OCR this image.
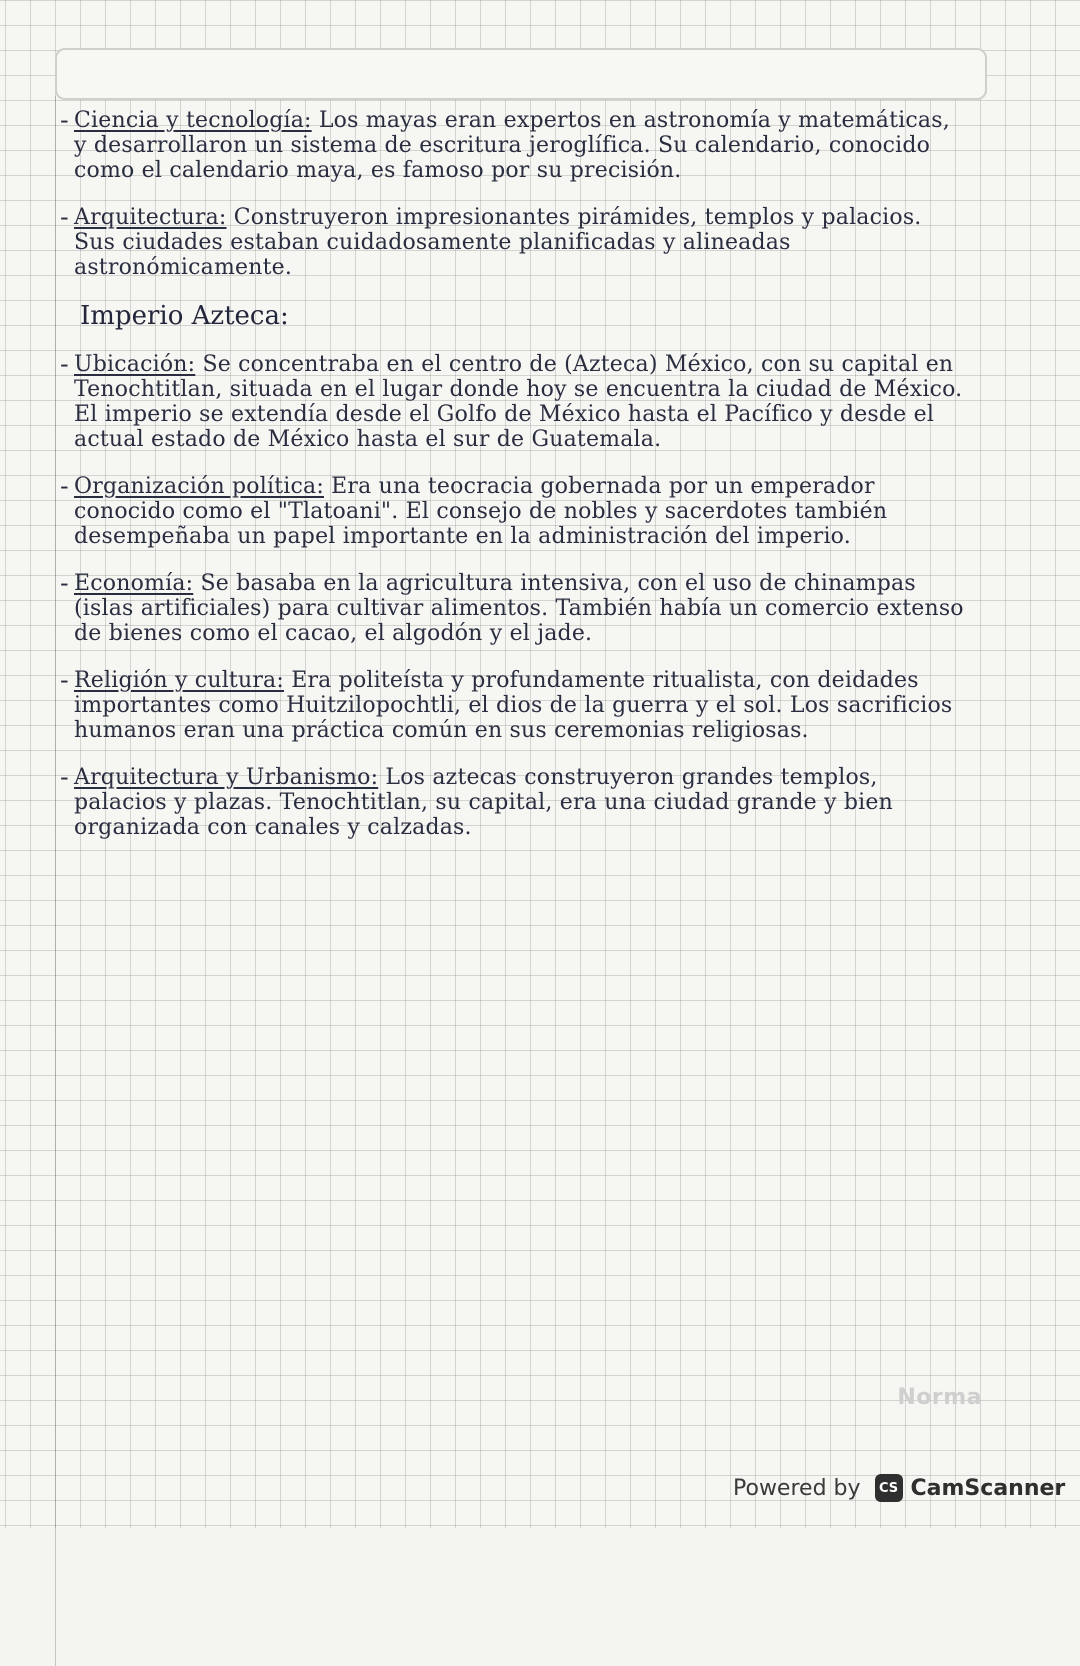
- Ciencia y tecnología: Los mayas eran expertos en astronomía y matemáticas, y desarrollaron un sistema de escritura jeroglífica. Su calendario, conocido como el calendario maya, es famoso por su precisión.

- Arquitectura: Construyeron impresionantes pirámides, templos y palacios. Sus ciudades estaban cuidadosamente planificadas y alineadas astronómicamente.

Imperio Azteca:
- Ubicación: Se concentraba en el centro de (Azteca) México, con su capital en Tenochtitlan, situada en el lugar donde hoy se encuentra la ciudad de México. El imperio se extendía desde el Golfo de México hasta el Pacífico y desde el actual estado de México hasta el sur de Guatemala.

- Organización política: Era una teocracia gobernada por un emperador conocido como el "Tlatoani". El consejo de nobles y sacerdotes también desempeñaba un papel importante en la administración del imperio.

- Economía: Se basaba en la agricultura intensiva, con el uso de chinampas (islas artificiales) para cultivar alimentos. También había un comercio extenso de bienes como el cacao, el algodón y el jade.

- Religión y cultura: Era politeísta y profundamente ritualista, con deidades importantes como Huitzilopochtli, el dios de la guerra y el sol. Los sacrificios humanos eran una práctica común en sus ceremonias religiosas.

- Arquitectura y Urbanismo: Los aztecas construyeron grandes templos, palacios y plazas. Tenochtitlan, su capital, era una ciudad grande y bien organizada con canales y calzadas.

Norma
Powered by	CS CamScanner
